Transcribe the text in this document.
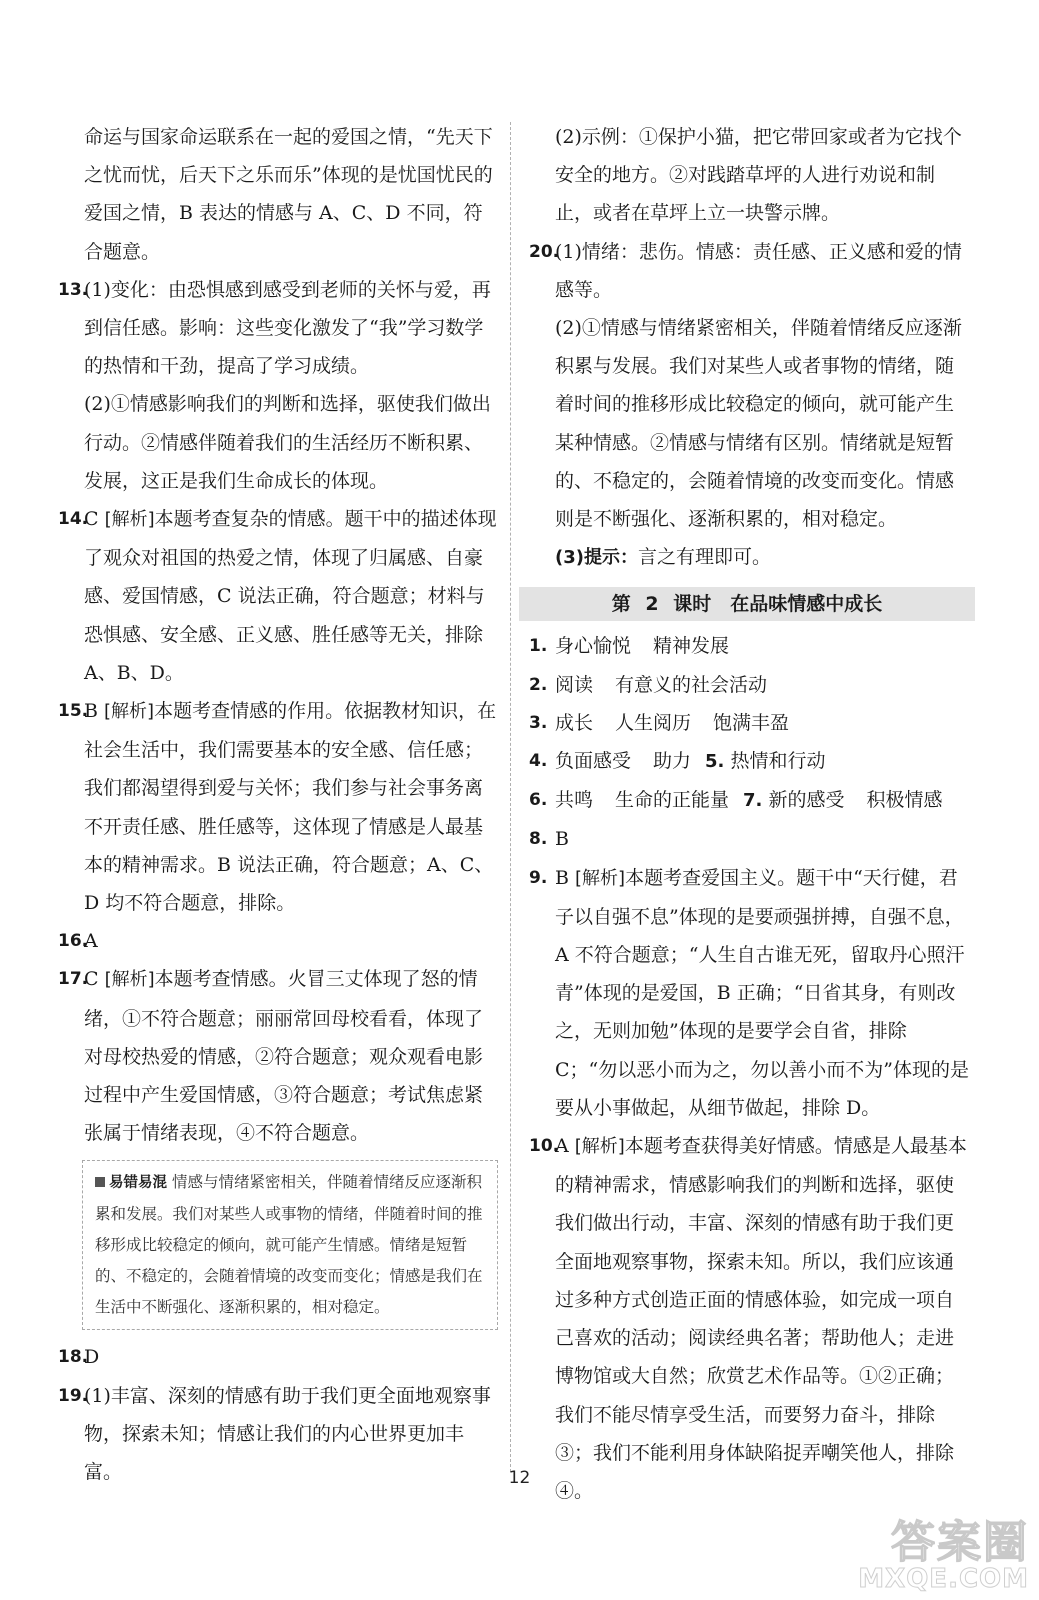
命运与国家命运联系在一起的爱国之情，“先天下之忧而忧，后天下之乐而乐”体现的是忧国忧民的爱国之情，B 表达的情感与 A、C、D 不同，符合题意。

13.

(1)变化：由恐惧感到感受到老师的关怀与爱，再到信任感。影响：这些变化激发了“我”学习数学的热情和干劲，提高了学习成绩。

(2)①情感影响我们的判断和选择，驱使我们做出行动。②情感伴随着我们的生活经历不断积累、发展，这正是我们生命成长的体现。

14.

C [解析]本题考查复杂的情感。题干中的描述体现了观众对祖国的热爱之情，体现了归属感、自豪感、爱国情感，C 说法正确，符合题意；材料与恐惧感、安全感、正义感、胜任感等无关，排除A、B、D。

15.

B [解析]本题考查情感的作用。依据教材知识，在社会生活中，我们需要基本的安全感、信任感；我们都渴望得到爱与关怀；我们参与社会事务离不开责任感、胜任感等，这体现了情感是人最基本的精神需求。B 说法正确，符合题意；A、C、D 均不符合题意，排除。

16.

A

17.

C [解析]本题考查情感。火冒三丈体现了怒的情绪，①不符合题意；丽丽常回母校看看，体现了对母校热爱的情感，②符合题意；观众观看电影过程中产生爱国情感，③符合题意；考试焦虑紧张属于情绪表现，④不符合题意。

易错易混 情感与情绪紧密相关，伴随着情绪反应逐渐积累和发展。我们对某些人或事物的情绪，伴随着时间的推移形成比较稳定的倾向，就可能产生情感。情绪是短暂的、不稳定的，会随着情境的改变而变化；情感是我们在生活中不断强化、逐渐积累的，相对稳定。
18.

D

19.

(1)丰富、深刻的情感有助于我们更全面地观察事物，探索未知；情感让我们的内心世界更加丰富。

(2)示例：①保护小猫，把它带回家或者为它找个安全的地方。②对践踏草坪的人进行劝说和制止，或者在草坪上立一块警示牌。

20.

(1)情绪：悲伤。情感：责任感、正义感和爱的情感等。

(2)①情感与情绪紧密相关，伴随着情绪反应逐渐积累与发展。我们对某些人或者事物的情绪，随着时间的推移形成比较稳定的倾向，就可能产生某种情感。②情感与情绪有区别。情绪就是短暂的、不稳定的，会随着情境的改变而变化。情感则是不断强化、逐渐积累的，相对稳定。

(3)提示：言之有理即可。

第 2 课时　在品味情感中成长
1. 身心愉悦 精神发展

2. 阅读 有意义的社会活动

3. 成长 人生阅历 饱满丰盈

4. 负面感受 助力 5. 热情和行动

6. 共鸣 生命的正能量 7. 新的感受 积极情感

8. B

9. B [解析]本题考查爱国主义。题干中“天行健，君子以自强不息”体现的是要顽强拼搏，自强不息，A 不符合题意；“人生自古谁无死，留取丹心照汗青”体现的是爱国，B 正确；“日省其身，有则改之，无则加勉”体现的是要学会自省，排除 C；“勿以恶小而为之，勿以善小而不为”体现的是要从小事做起，从细节做起，排除 D。

10.

A [解析]本题考查获得美好情感。情感是人最基本的精神需求，情感影响我们的判断和选择，驱使我们做出行动，丰富、深刻的情感有助于我们更全面地观察事物，探索未知。所以，我们应该通过多种方式创造正面的情感体验，如完成一项自己喜欢的活动；阅读经典名著；帮助他人；走进博物馆或大自然；欣赏艺术作品等。①②正确；我们不能尽情享受生活，而要努力奋斗，排除③；我们不能利用身体缺陷捉弄嘲笑他人，排除④。

12
答案圈
MXQE.COM
